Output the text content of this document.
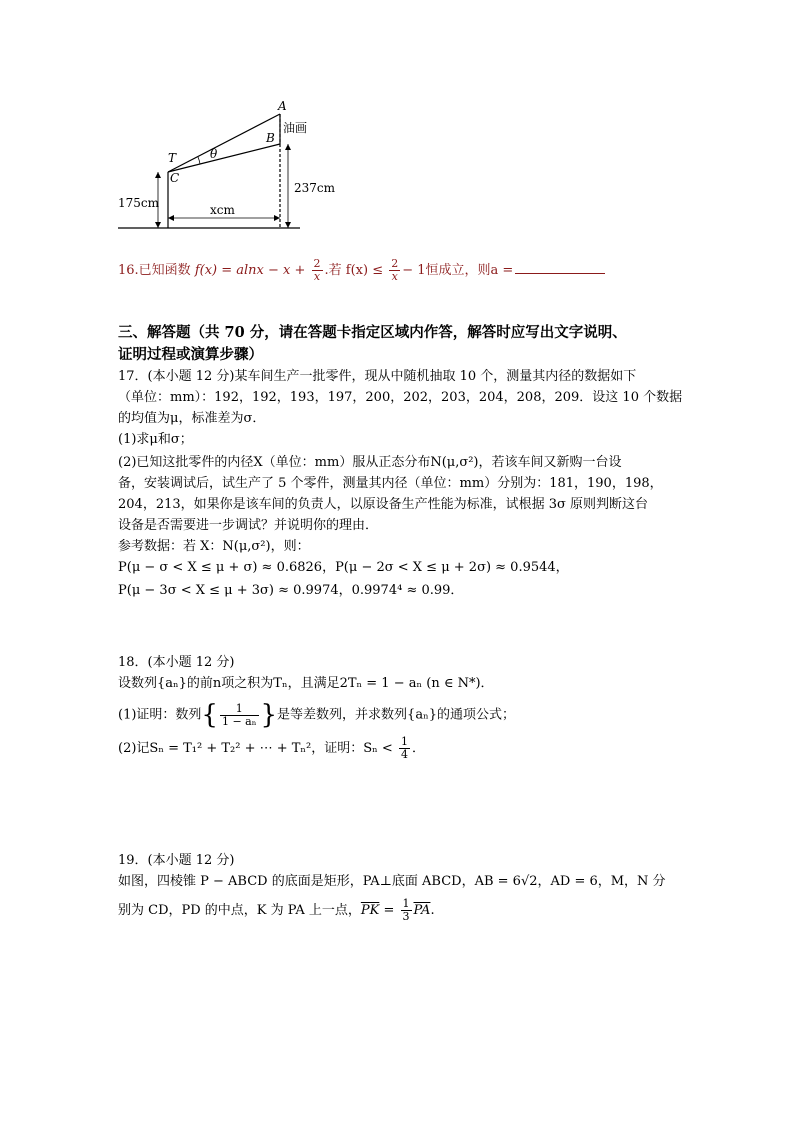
A
B
T
C
θ
油画
175cm
237cm
xcm
16.已知函数 $f(x) = alnx - x + \frac{2}{x}$ .若 $f(x) \le \frac{2}{x} - 1$恒成立，则a =
三、解答题（共 70 分，请在答题卡指定区域内作答，解答时应写出文字说明、
证明过程或演算步骤）
17．(本小题 12 分)某车间生产一批零件，现从中随机抽取 10 个，测量其内径的数据如下
（单位：mm）：192，192，193，197，200，202，203，204，208，209．设这 10 个数据
的均值为μ，标准差为σ．
(1)求μ和σ；
(2)已知这批零件的内径X（单位：mm）服从正态分布N(μ,σ²)，若该车间又新购一台设
备，安装调试后，试生产了 5 个零件，测量其内径（单位：mm）分别为：181，190，198，
204，213，如果你是该车间的负责人，以原设备生产性能为标准，试根据 3σ 原则判断这台
设备是否需要进一步调试？并说明你的理由．
参考数据：若 X：N(μ,σ²)，则：
P(μ − σ < X ≤ μ + σ) ≈ 0.6826，P(μ − 2σ < X ≤ μ + 2σ) ≈ 0.9544，
P(μ − 3σ < X ≤ μ + 3σ) ≈ 0.9974，0.9974⁴ ≈ 0.99．
18．(本小题 12 分)
设数列{aₙ}的前n项之积为Tₙ，且满足2Tₙ = 1 − aₙ (n ∈ N*)．
(1)证明：数列{ $\frac{1}{\text{1 − aₙ}}$ }是等差数列，并求数列{aₙ}的通项公式；
(2)记Sₙ = T₁² + T₂² + ⋯ + Tₙ²，证明：$S_n < \frac{1}{4}$ ．
19．(本小题 12 分)
如图，四棱锥 P − ABCD 的底面是矩形，PA⊥底面 ABCD，AB = 6√2，AD = 6，M，N 分
别为 CD，PD 的中点，K 为 PA 上一点，$\overline{PK} = \frac{1}{3} \overline{PA}$.
